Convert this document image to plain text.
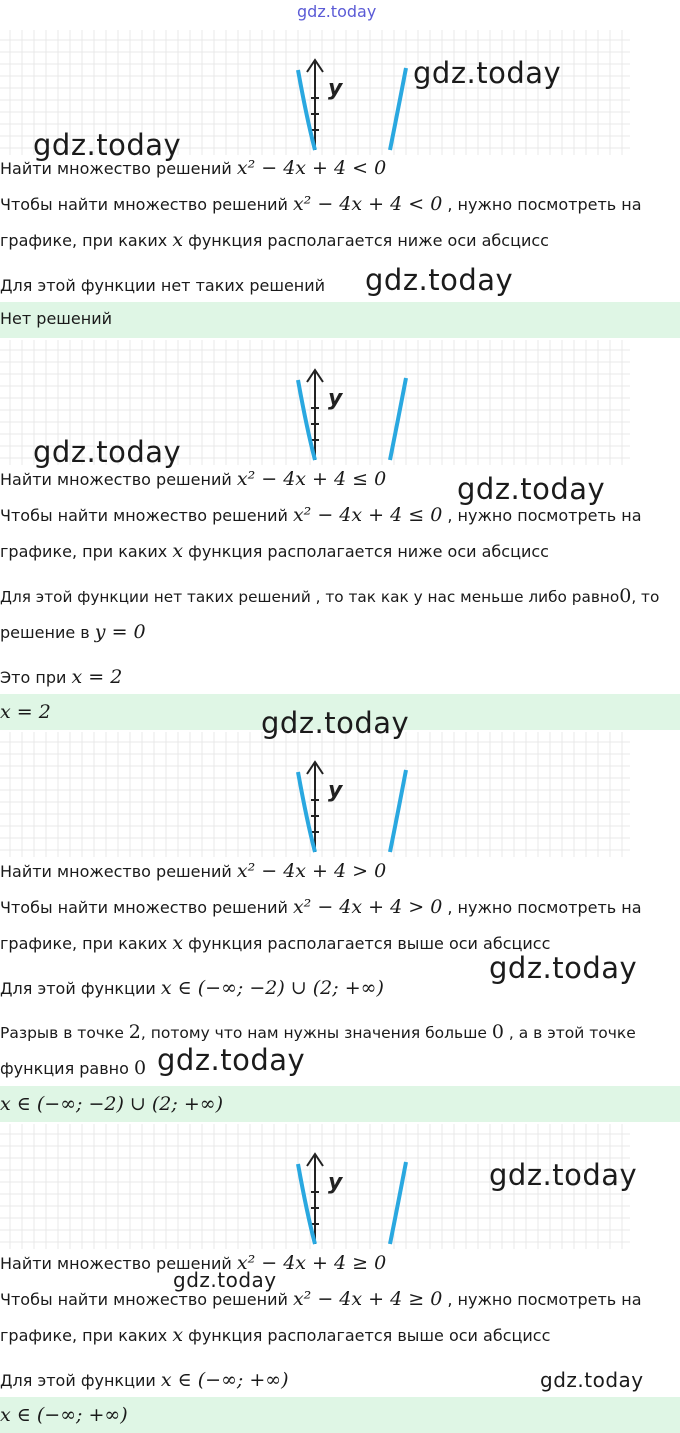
gdz.today
y
Найти множество решений x² − 4x + 4 < 0
Чтобы найти множество решений x² − 4x + 4 < 0 , нужно посмотреть на
графике, при каких x функция располагается ниже оси абсцисс
Для этой функции нет таких решений
Нет решений
y
Найти множество решений x² − 4x + 4 ≤ 0
Чтобы найти множество решений x² − 4x + 4 ≤ 0 , нужно посмотреть на
графике, при каких x функция располагается ниже оси абсцисс
Для этой функции нет таких решений , то так как у нас меньше либо равно0, то
решение в y = 0
Это при x = 2
x = 2
y
Найти множество решений x² − 4x + 4 > 0
Чтобы найти множество решений x² − 4x + 4 > 0 , нужно посмотреть на
графике, при каких x функция располагается выше оси абсцисс
Для этой функции x ∈ (−∞; −2) ∪ (2; +∞)
Разрыв в точке 2, потому что нам нужны значения больше 0 , а в этой точке
функция равно 0
x ∈ (−∞; −2) ∪ (2; +∞)
y
Найти множество решений x² − 4x + 4 ≥ 0
Чтобы найти множество решений x² − 4x + 4 ≥ 0 , нужно посмотреть на
графике, при каких x функция располагается выше оси абсцисс
Для этой функции x ∈ (−∞; +∞)
x ∈ (−∞; +∞)
gdz.today
gdz.today
gdz.today
gdz.today
gdz.today
gdz.today
gdz.today
gdz.today
gdz.today
gdz.today
gdz.today
